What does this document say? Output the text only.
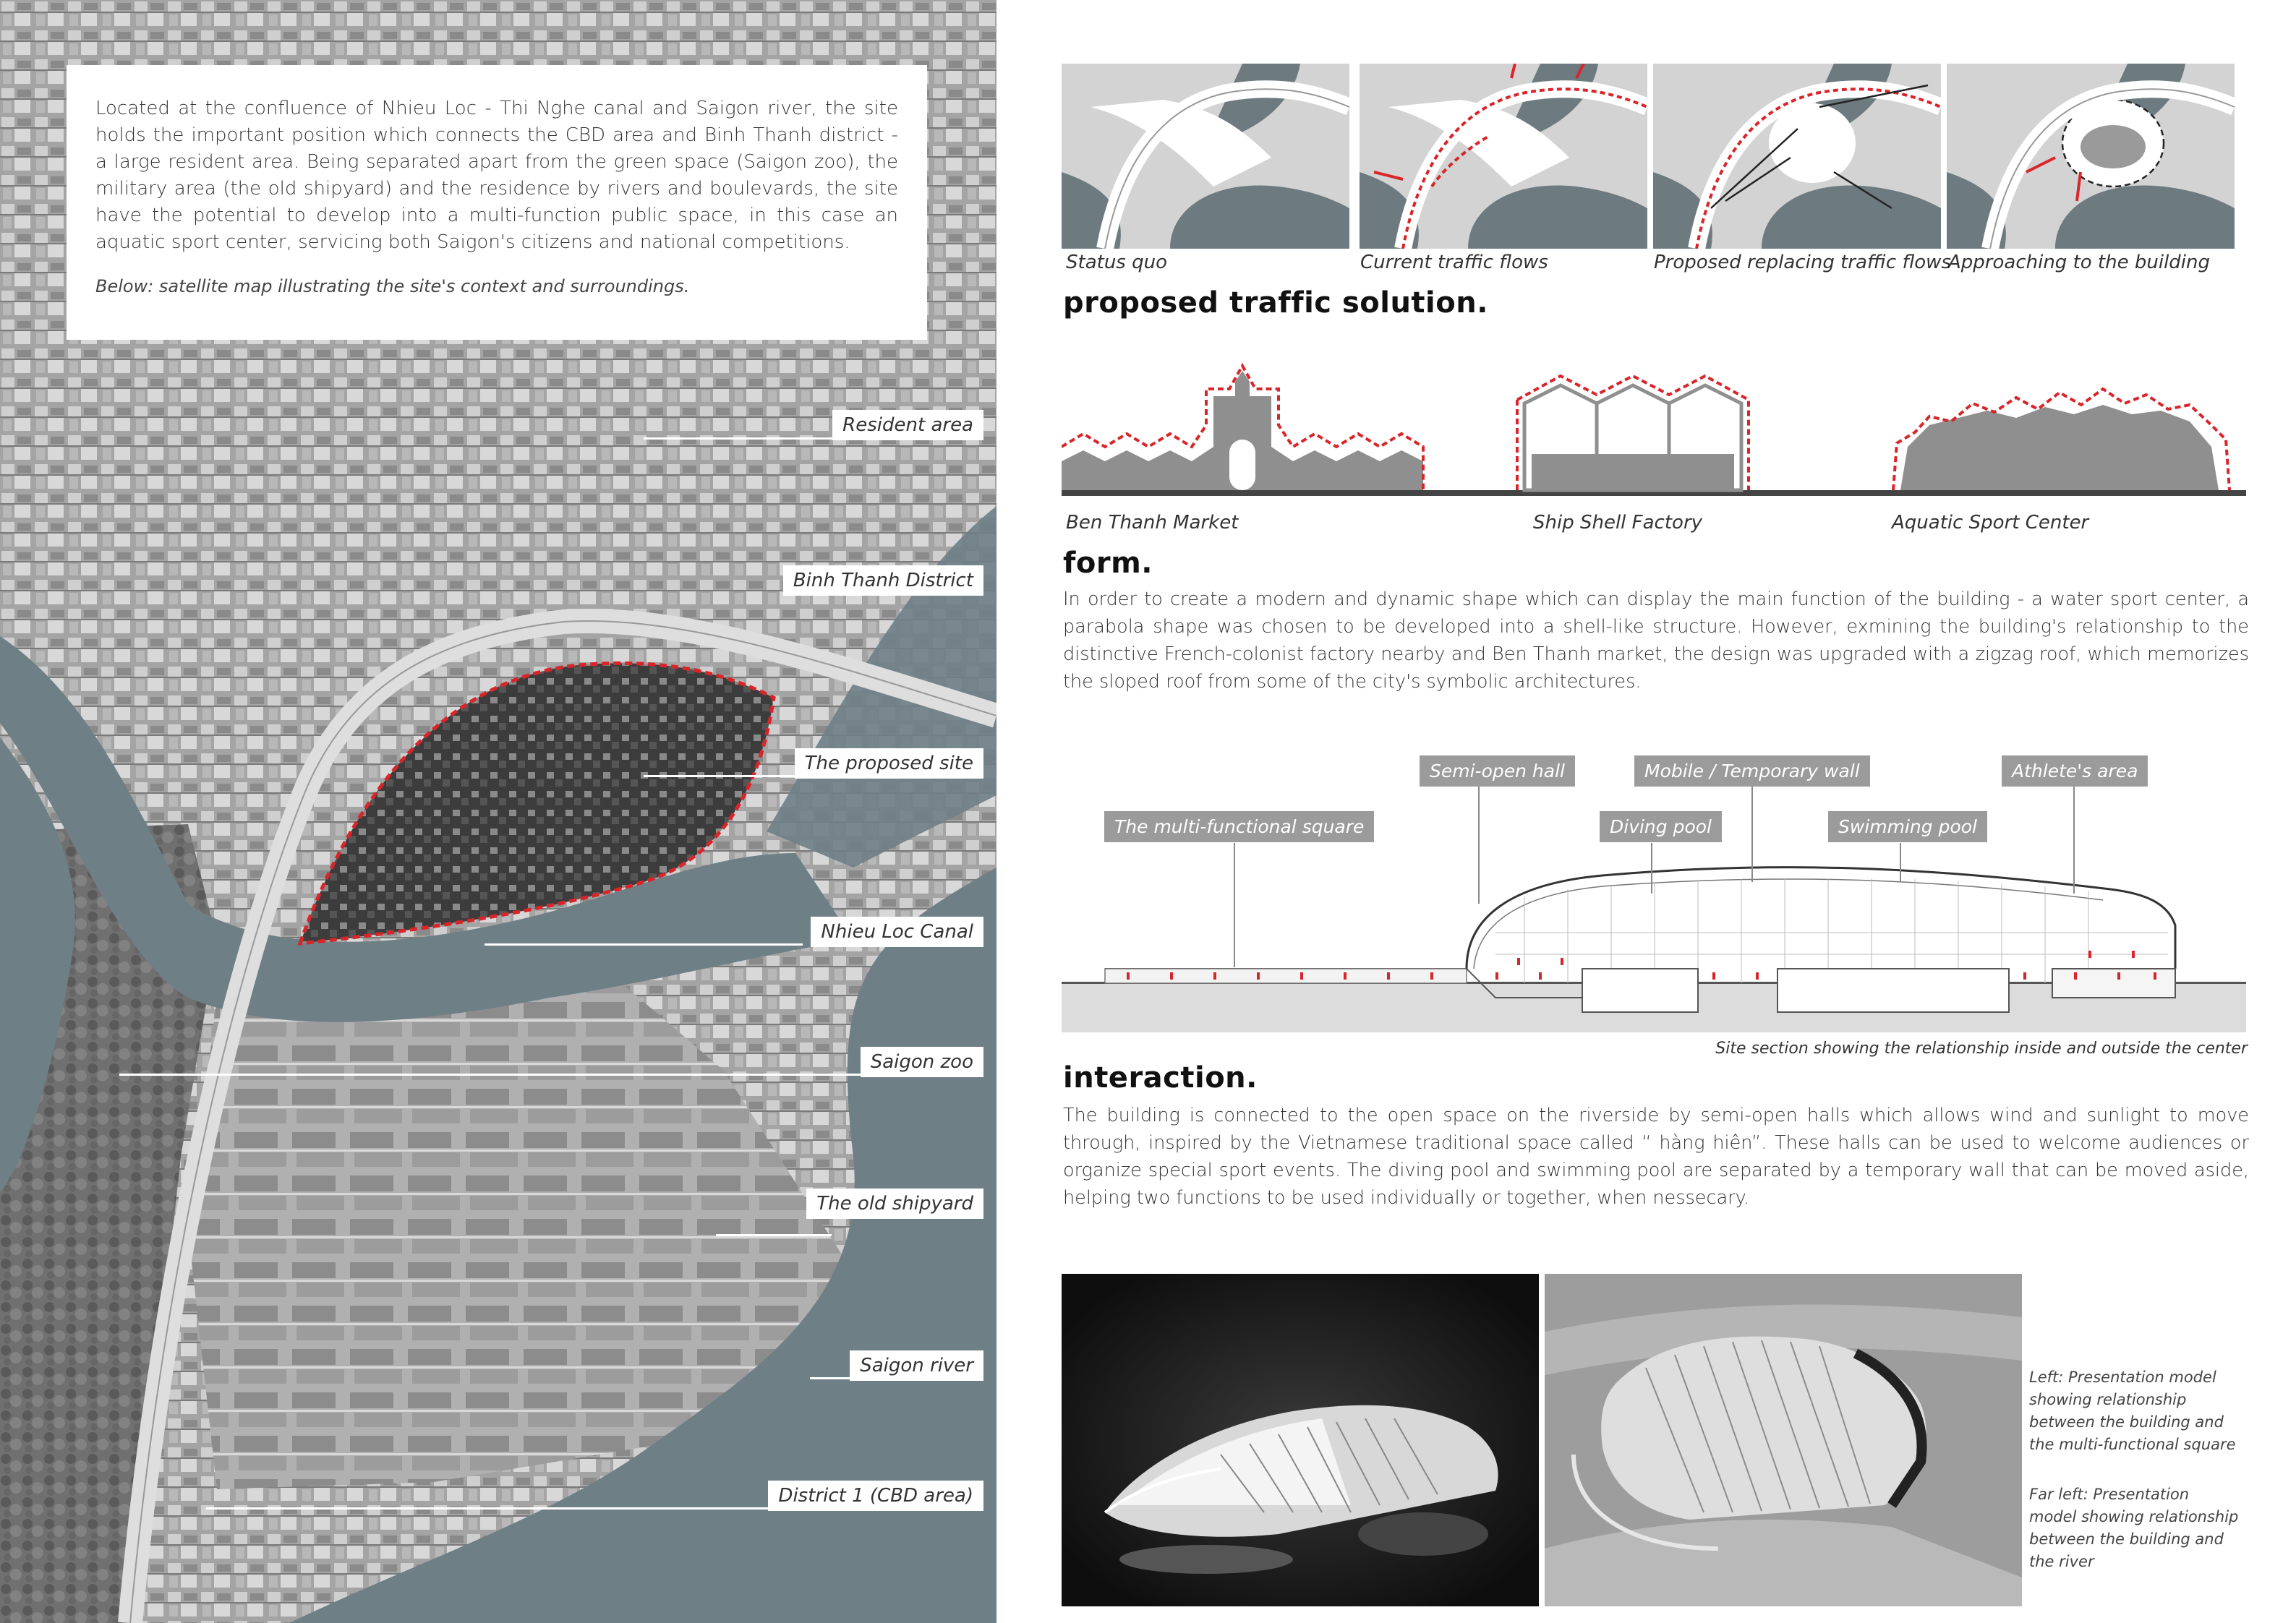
Located at the confluence of Nhieu Loc - Thi Nghe canal and Saigon river, the site holds the important position which connects the CBD area and Binh Thanh district - a large resident area. Being separated apart from the green space (Saigon zoo), the military area (the old shipyard) and the residence by rivers and boulevards, the site have the potential to develop into a multi-function public space, in this case an aquatic sport center, servicing both Saigon's citizens and national competitions.

Below: satellite map illustrating the site's context and surroundings.

Resident area
Binh Thanh District
The proposed site
Nhieu Loc Canal
Saigon zoo
The old shipyard
Saigon river
District 1 (CBD area)
Status quo	Current traffic flows	Proposed replacing traffic flows
Approaching to the building
proposed traffic solution.
Ben Thanh Market	Ship Shell Factory	Aquatic Sport Center
form.

In order to create a modern and dynamic shape which can display the main function of the building - a water sport center, a parabola shape was chosen to be developed into a shell-like structure. However, exmining the building's relationship to the distinctive French-colonist factory nearby and Ben Thanh market, the design was upgraded with a zigzag roof, which memorizes the sloped roof from some of the city's symbolic architectures.

Semi-open hall	Mobile / Temporary wall	Athlete's area
The multi-functional square	Diving pool	Swimming pool
Site section showing the relationship inside and outside the center
interaction.

The building is connected to the open space on the riverside by semi-open halls which allows wind and sunlight to move through, inspired by the Vietnamese traditional space called “ hàng hiên”. These halls can be used to welcome audiences or organize special sport events. The diving pool and swimming pool are separated by a temporary wall that can be moved aside, helping two functions to be used individually or together, when nessecary.

Left: Presentation model showing relationship between the building and the multi-functional square
Far left: Presentation model showing relationship between the building and the river
